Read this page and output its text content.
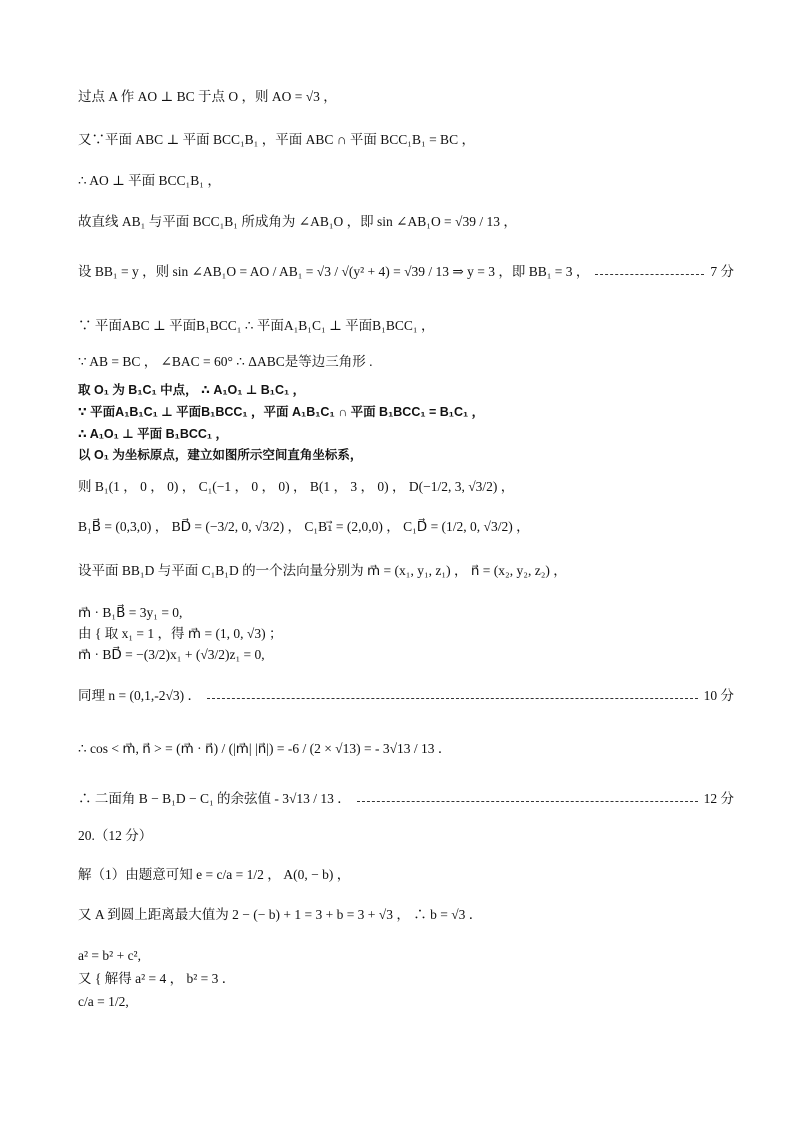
过点 A 作 AO ⊥ BC 于点 O ，则 AO = √3 ，
又∵平面 ABC ⊥ 平面 BCC₁B₁ ，平面 ABC ∩ 平面 BCC₁B₁ = BC ，
∴ AO ⊥ 平面 BCC₁B₁ ，
故直线 AB₁ 与平面 BCC₁B₁ 所成角为 ∠AB₁O ，即 sin ∠AB₁O = √39 / 13 ，
设 BB₁ = y ，则 sin ∠AB₁O = AO / AB₁ = √3 / √(y² + 4) = √39 / 13 ⇒ y = 3 ，即 BB₁ = 3 ，	7 分
∵ 平面ABC ⊥ 平面B₁BCC₁ ∴ 平面A₁B₁C₁ ⊥ 平面B₁BCC₁ ，
∵ AB = BC ， ∠BAC = 60° ∴ ΔABC是等边三角形 .
取 O₁ 为 B₁C₁ 中点， ∴ A₁O₁ ⊥ B₁C₁ ，
∵ 平面A₁B₁C₁ ⊥ 平面B₁BCC₁ ，平面 A₁B₁C₁ ∩ 平面 B₁BCC₁ = B₁C₁ ，
∴ A₁O₁ ⊥ 平面 B₁BCC₁ ，
以 O₁ 为坐标原点，建立如图所示空间直角坐标系，
则 B₁(1 ， 0 ， 0) ， C₁(−1 ， 0 ， 0) ， B(1 ， 3 ， 0) ， D(−1/2, 3, √3/2) ，
B₁B⃗ = (0,3,0) ， BD⃗ = (−3/2, 0, √3/2) ， C₁B₁⃗ = (2,0,0) ， C₁D⃗ = (1/2, 0, √3/2) ，
设平面 BB₁D 与平面 C₁B₁D 的一个法向量分别为 m⃗ = (x₁, y₁, z₁) ， n⃗ = (x₂, y₂, z₂) ，
m⃗ · B₁B⃗ = 3y₁ = 0,
由 { 取 x₁ = 1 ，得 m⃗ = (1, 0, √3) ；
m⃗ · BD⃗ = −(3/2)x₁ + (√3/2)z₁ = 0,
同理 n = (0,1,-2√3) ．	10 分
∴ cos < m⃗, n⃗ > = (m⃗ · n⃗) / (|m⃗| |n⃗|) = -6 / (2 × √13) = - 3√13 / 13 ．
∴ 二面角 B − B₁D − C₁ 的余弦值 - 3√13 / 13 ．	12 分
20.（12 分）
解（1）由题意可知 e = c/a = 1/2 ， A(0, − b) ，
又 A 到圆上距离最大值为 2 − (− b) + 1 = 3 + b = 3 + √3 ， ∴ b = √3 ．
a² = b² + c²,
又 { 解得 a² = 4 ， b² = 3 ．
c/a = 1/2,
